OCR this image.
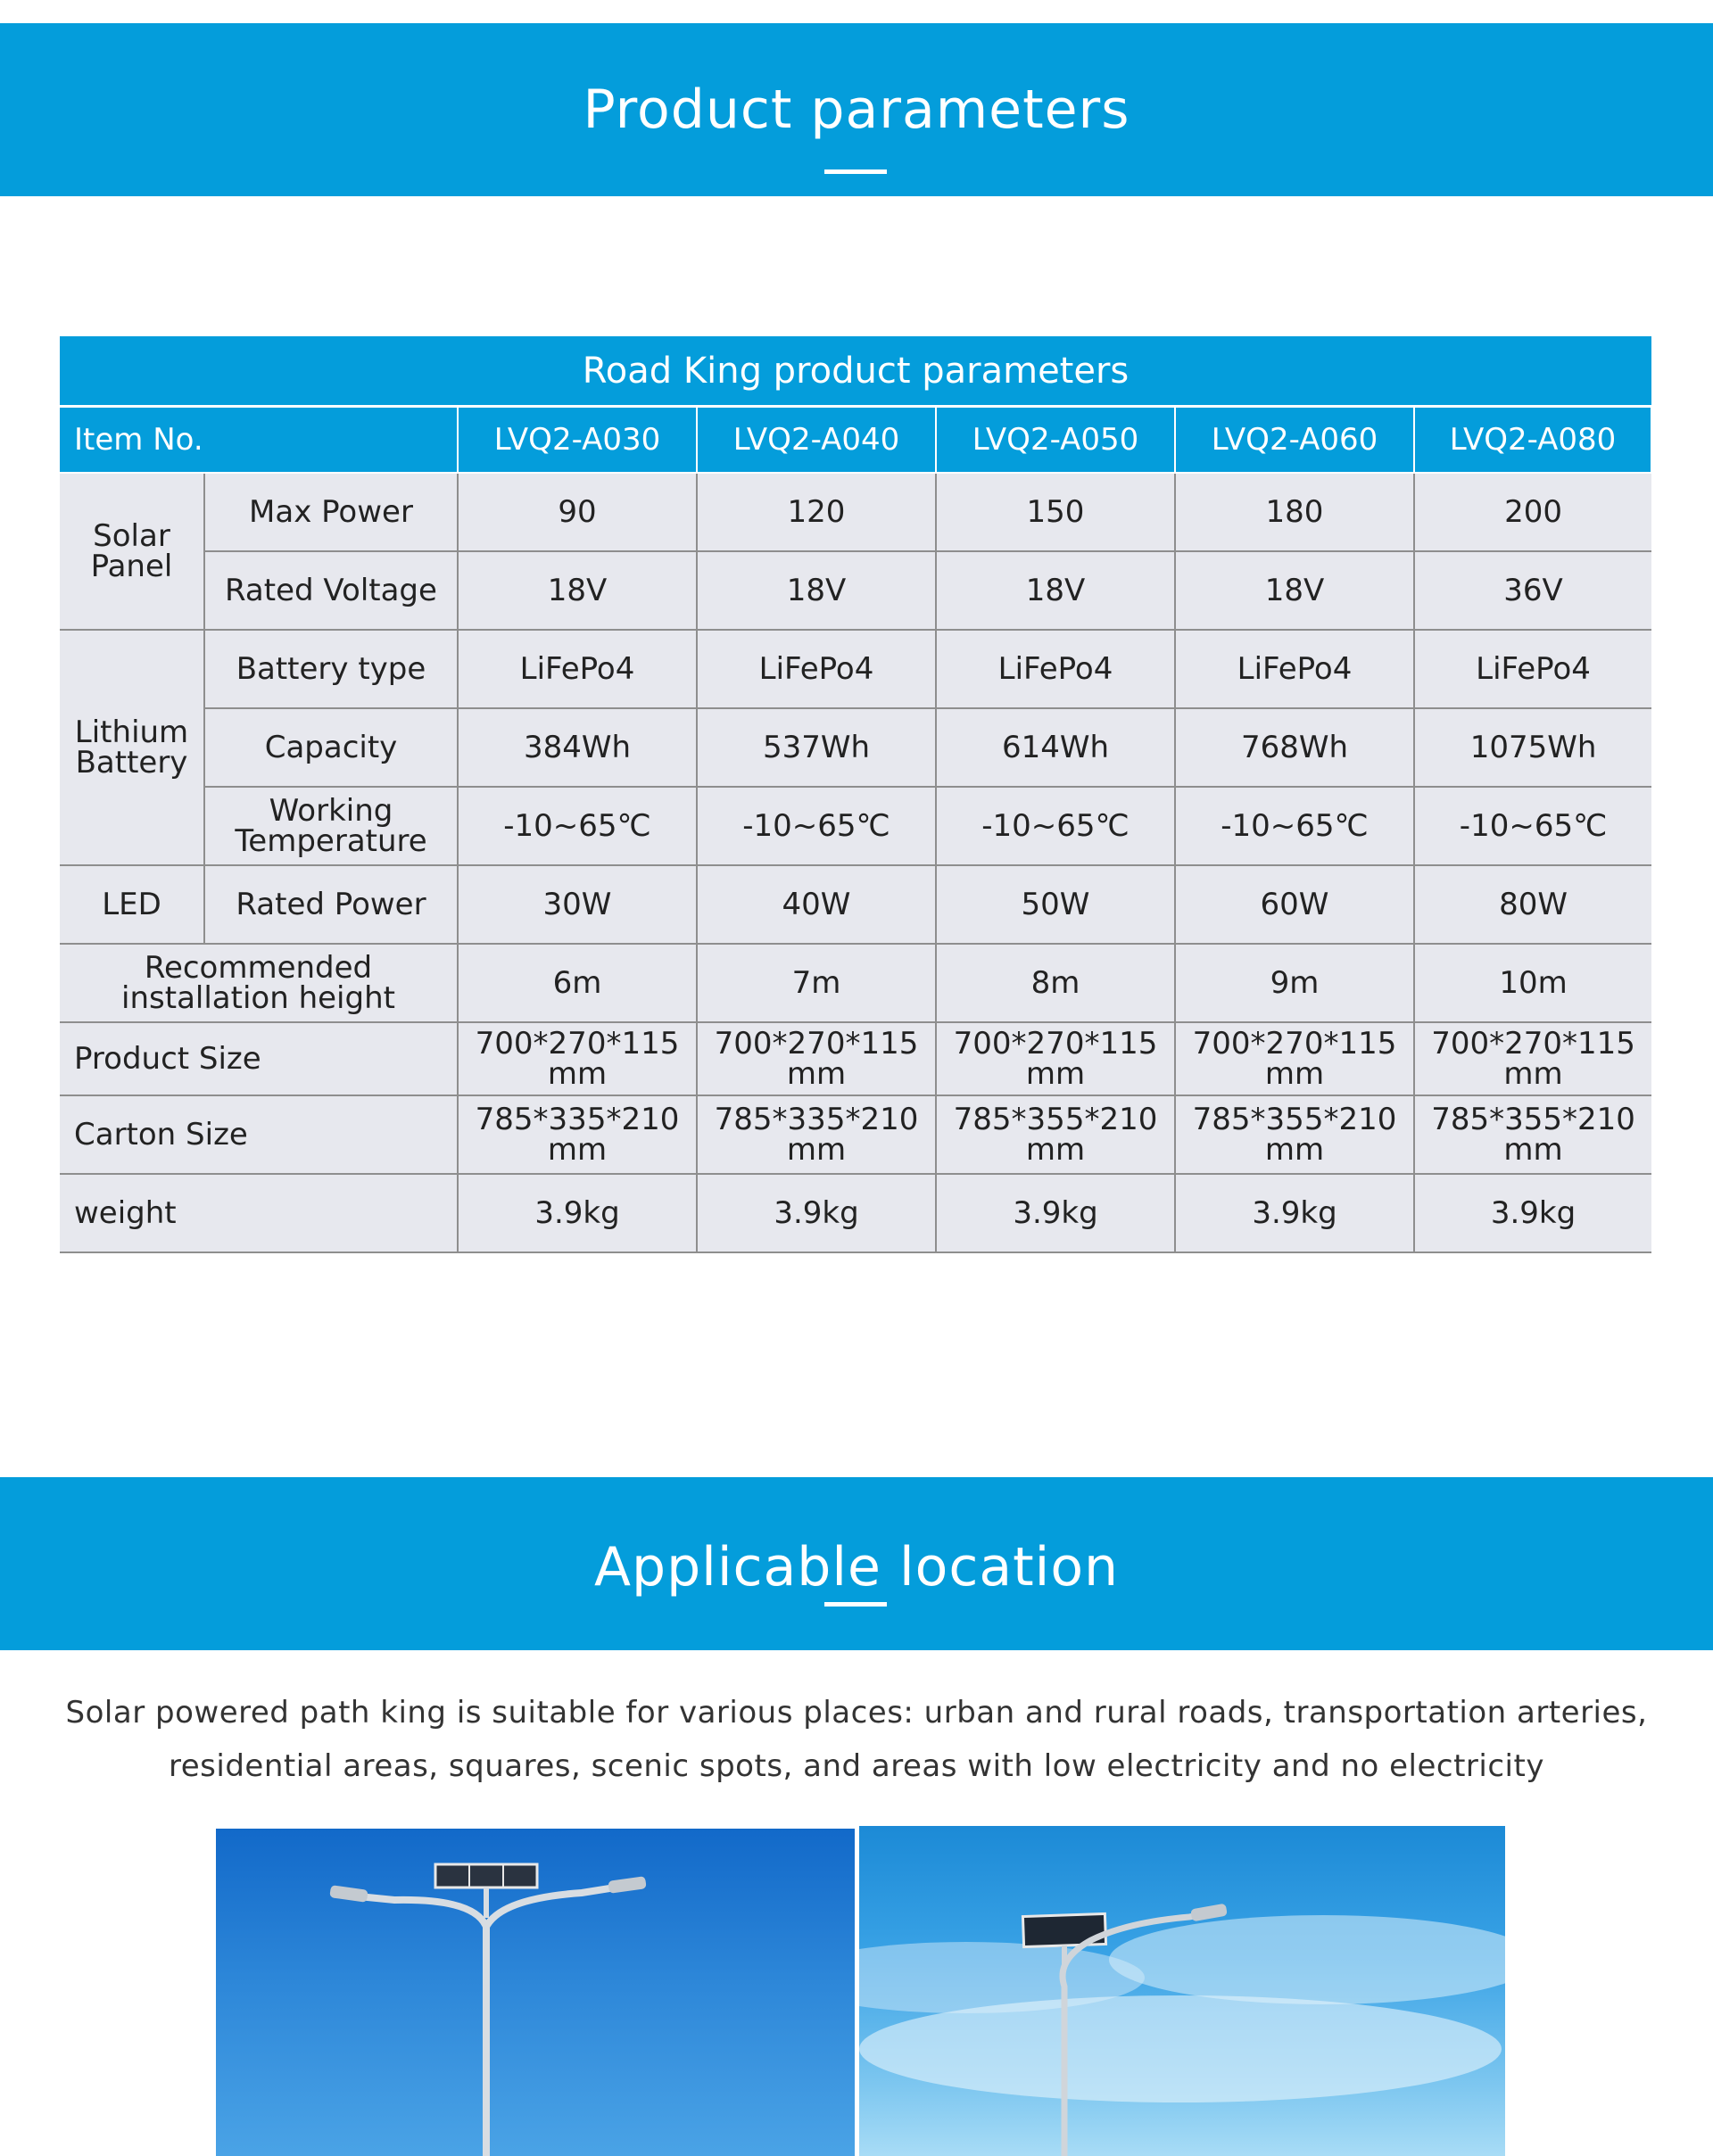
Product parameters
Road King product parameters						
Item No.		LVQ2-A030	LVQ2-A040	LVQ2-A050	LVQ2-A060	LVQ2-A080
Solar Panel	Max Power	90	120	150	180	200
	Rated Voltage	18V	18V	18V	18V	36V
Lithium Battery	Battery type	LiFePo4	LiFePo4	LiFePo4	LiFePo4	LiFePo4
	Capacity	384Wh	537Wh	614Wh	768Wh	1075Wh
	Working Temperature	-10~65℃	-10~65℃	-10~65℃	-10~65℃	-10~65℃
LED	Rated Power	30W	40W	50W	60W	80W
Recommended installation height		6m	7m	8m	9m	10m
Product Size		700*270*115 mm	700*270*115 mm	700*270*115 mm	700*270*115 mm	700*270*115 mm
Carton Size		785*335*210 mm	785*335*210 mm	785*355*210 mm	785*355*210 mm	785*355*210 mm
weight		3.9kg	3.9kg	3.9kg	3.9kg	3.9kg
Applicable location
Solar powered path king is suitable for various places: urban and rural roads, transportation arteries,
residential areas, squares, scenic spots, and areas with low electricity and no electricity
